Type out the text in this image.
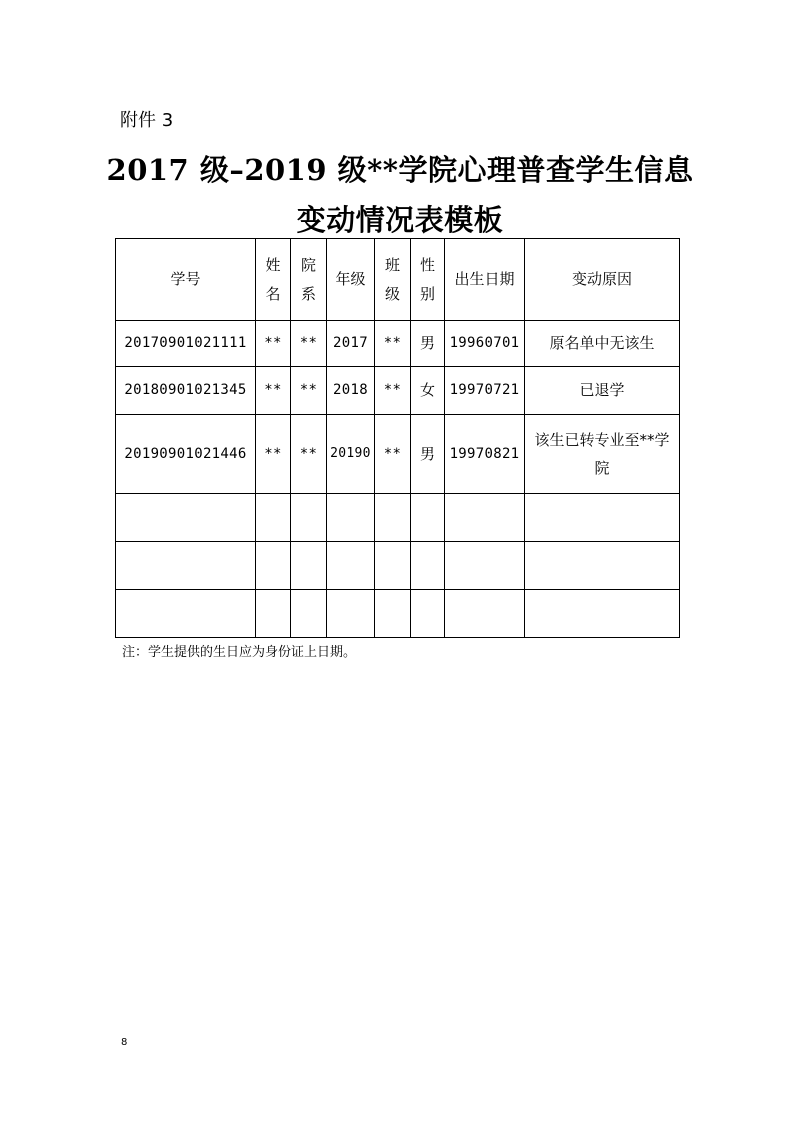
附件 3
2017 级–2019 级**学院心理普查学生信息
变动情况表模板
学号	姓名	院系	年级	班级	性别	出生日期	变动原因
20170901021111	**	**	2017	**	男	19960701	原名单中无该生
20180901021345	**	**	2018	**	女	19970721	已退学
20190901021446	**	**	20190	**	男	19970821	该生已转专业至**学院

注：学生提供的生日应为身份证上日期。
8
